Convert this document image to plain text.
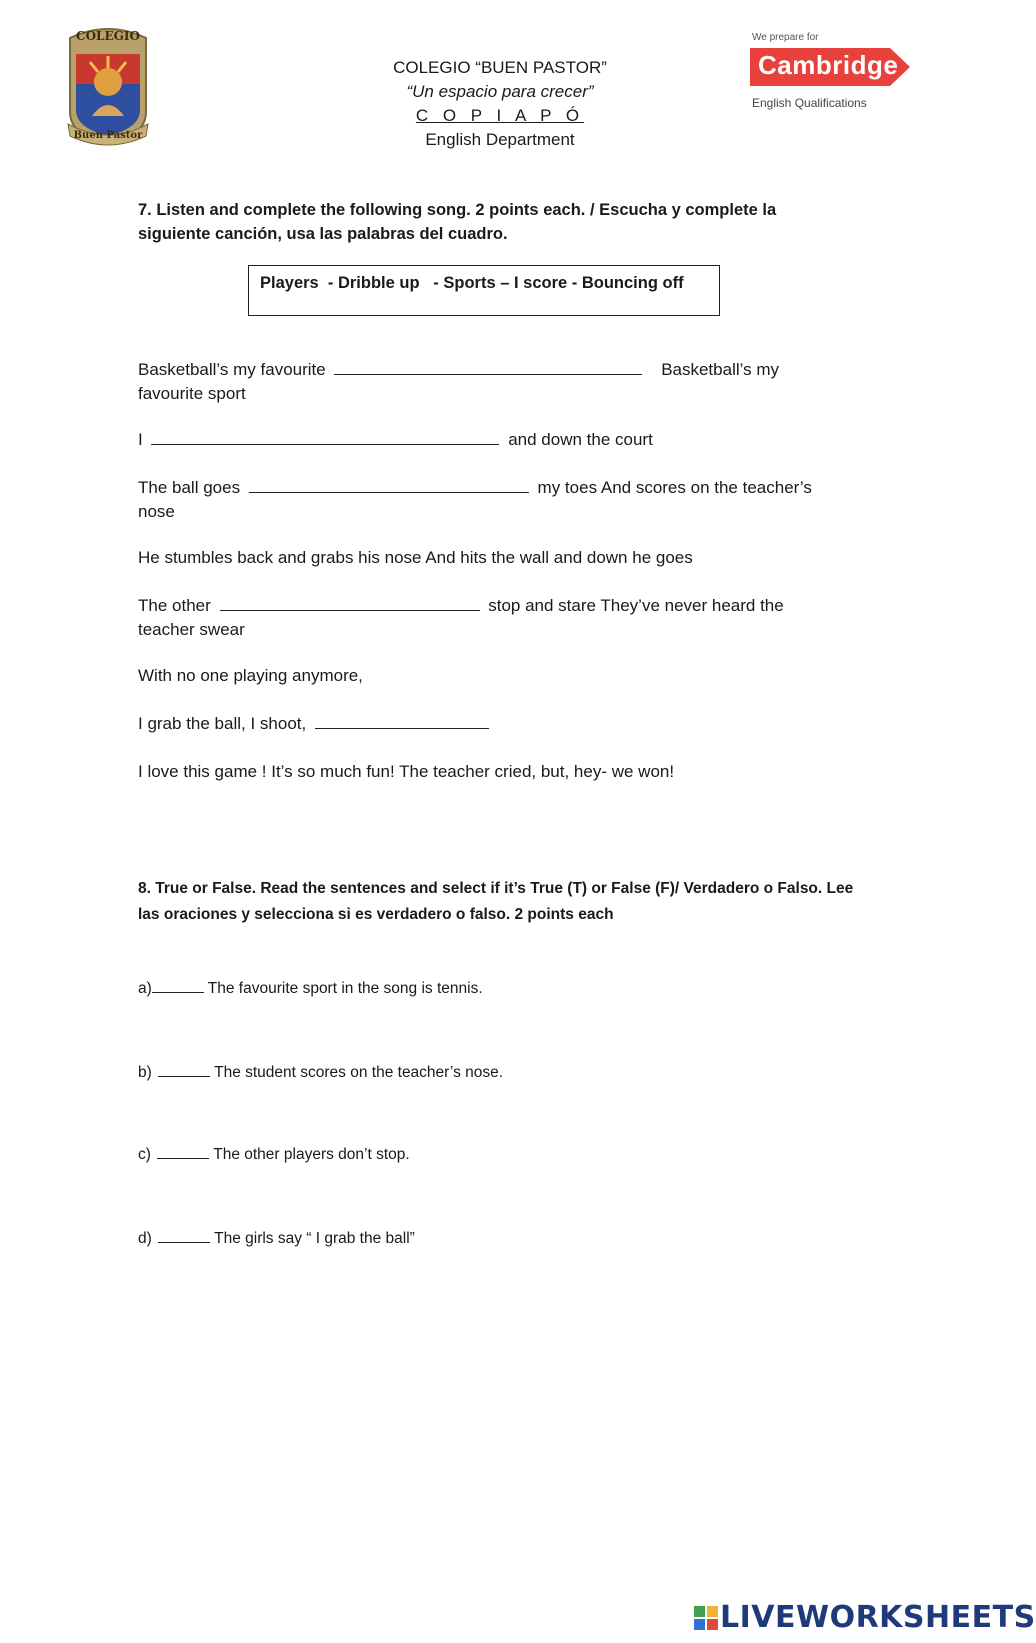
COLEGIO
Buen Pastor
COLEGIO “BUEN PASTOR”
“Un espacio para crecer”
C O P I A P Ó
English Department
We prepare for
Cambridge
English Qualifications
7. Listen and complete the following song. 2 points each. / Escucha y complete la siguiente canción, usa las palabras del cuadro.
Players  - Dribble up   - Sports – I score - Bouncing off
Basketball’s my favourite	Basketball’s my favourite sport
I	and down the court
The ball goes	my toes And scores on the teacher’s nose
He stumbles back and grabs his nose And hits the wall and down he goes
The other	stop and stare They’ve never heard the teacher swear
With no one playing anymore,
I grab the ball, I shoot,
I love this game ! It’s so much fun! The teacher cried, but, hey- we won!
8. True or False. Read the sentences and select if it’s True (T) or False (F)/ Verdadero o Falso. Lee las oraciones y selecciona si es verdadero o falso. 2 points each
a)	The favourite sport in the song is tennis.
b)	The student scores on the teacher’s nose.
c)	The other players don’t stop.
d)	The girls say “ I grab the ball”
LIVEWORKSHEETS
